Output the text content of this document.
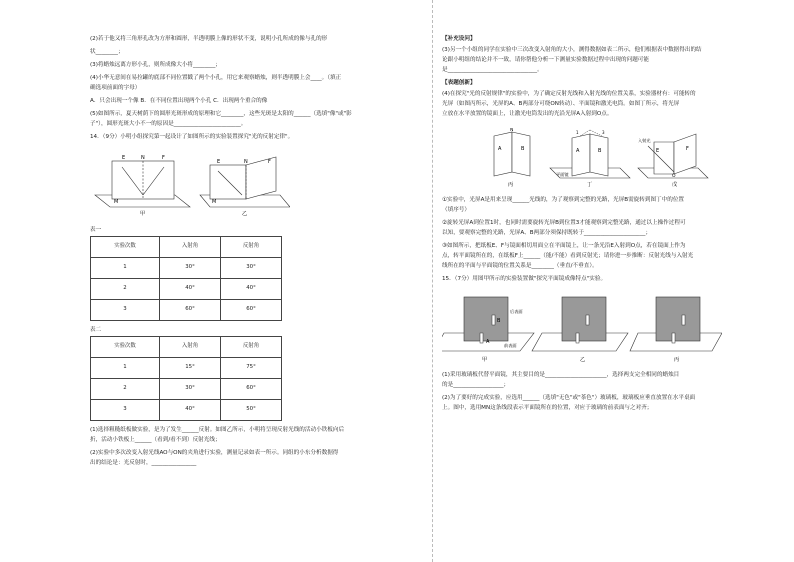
(2)若于他又将三角形孔改为方形和圆形，半透明膜上像的形状不变，说明小孔所成的像与孔的形
状________；
(3)将蜡烛远离方形小孔，则所成像大小将________；
(4)小华无意间在易拉罐的底部不同位置戳了两个小孔，用它来观察蜡烛，则半透明膜上会____。（填正
确选项前面的字母）
A．只会出现一个像 B．在不同位置出现两个小孔 C．出现两个重合的像
(5)如图所示，夏天树荫下的圆形光斑形成的原理和它________，这些光斑是太阳的______（选填"像"或"影
子"），圆形光斑大小不一的原因是________________________。
14．（9分）小明小组探究第一起设计了如图所示的实验装置探究"光的反射定律"。
M
E	N	F
甲
M
E	N	F
乙
表一
实验次数	入射角	反射角
1	30°	30°
2	40°	40°
3	60°	60°
表二
实验次数	入射角	反射角
1	15°	75°
2	30°	60°
3	40°	50°
(1)选择粗糙纸板做实验，是为了发生______反射。如图乙所示，小明将呈现反射光线的活动小铁板向后
折，活动小铁板上______（看到/看不到）反射光线；
(2)实验中多次改变入射光线AO与ON的夹角进行实验，测量记录如表一所示。同组的小东分析数据得
出的结论是：光反射时，________________
【补充设问】
(3)另一个小组的同学在实验中三次改变入射角的大小，测得数据如表二所示，他们根据表中数据得出的结
论跟小明组的结论并不一致，请你帮他分析一下测量实验数据过程中出现的问题可能
是________________________________。
【表题创新】
(4)在探究"光的反射规律"的实验中，为了确定反射光线和入射光线的位置关系，实验器材有：可能转的
光屏（如图丙所示，光屏的A、B两部分可绕ON转动）、平面镜和激光电筒。如图丁所示，将光屏
立放在水平放置的镜面上，让激光电筒发出的光沿光屏A入射到O点。
A	B
N
丙
A	B
3
1
平面镜
丁
E	F
O
入射光
戊
①实验中，光屏A是用来呈现______光线的，为了观察到完整的光路，光屏B需旋转到图丁中的位置
（填序号）
②旋转光屏A到位置1时，也同时需要旋转光屏B到位置3才能观察到完整光路，通过以上操作过程可
以知，要观察完整的光路，光屏A、B两部分须保持既转于______________________；
③如图所示，把纸板E、F与镜面相切用面立在平面镜上，让一条光沿E入射到O点，若在镜面上作为
点，转平面镜所在的，在纸板F上______（能/不能）看到反射光；请你进一步推断：反射光线与入射光
线所在的平面与平面镜的位置关系是________（垂直/不垂直）。
15．（7分）用图甲所示的实验装置做"探究平面镜成像特点"实验。
A
B
甲
后表面
前表面
乙	丙
(1)采用玻璃板代替平面镜，其主要目的是______________________，选择两支完全相同的蜡烛目
的是__________________；
(2)为了要好的完成实验，应选用______（选填"无色"或"茶色"）玻璃板，玻璃板应垂直放置在水平桌面
上。图中，选用MN这条线段表示平面镜所在的位置，对应于玻璃的前表面与之对齐；
